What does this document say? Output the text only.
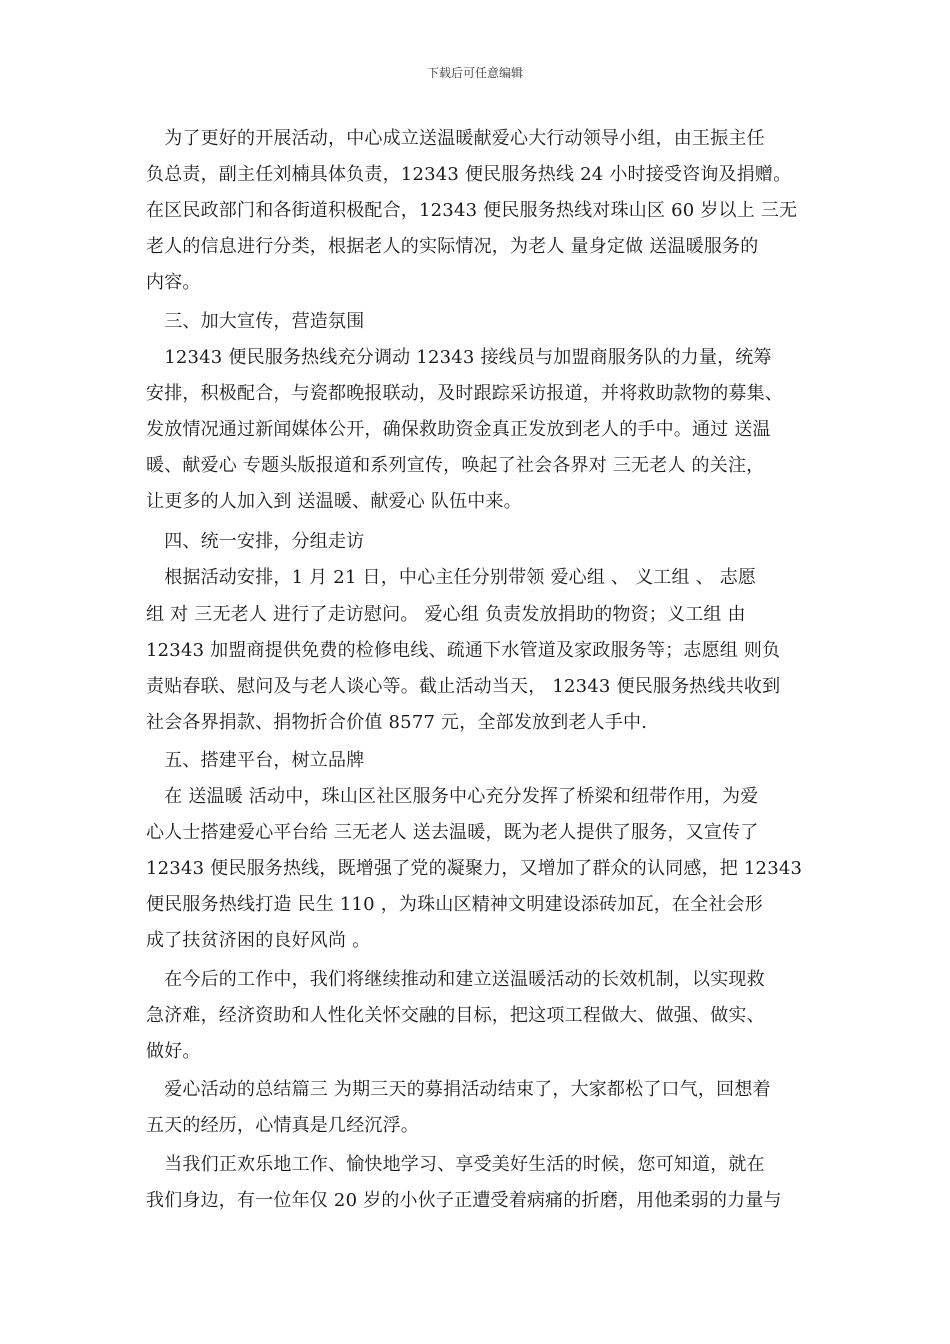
下载后可任意编辑
　为了更好的开展活动，中心成立送温暖献爱心大行动领导小组，由王振主任
负总责，副主任刘楠具体负责，12343 便民服务热线 24 小时接受咨询及捐赠。
在区民政部门和各街道积极配合，12343 便民服务热线对珠山区 60 岁以上 三无
老人的信息进行分类，根据老人的实际情况，为老人 量身定做 送温暖服务的
内容。
　三、加大宣传，营造氛围
　12343 便民服务热线充分调动 12343 接线员与加盟商服务队的力量，统筹
安排，积极配合，与瓷都晚报联动，及时跟踪采访报道，并将救助款物的募集、
发放情况通过新闻媒体公开，确保救助资金真正发放到老人的手中。通过 送温
暖、献爱心 专题头版报道和系列宣传，唤起了社会各界对 三无老人 的关注，
让更多的人加入到 送温暖、献爱心 队伍中来。
　四、统一安排，分组走访
　根据活动安排，1 月 21 日，中心主任分别带领 爱心组 、 义工组 、 志愿
组 对 三无老人 进行了走访慰问。 爱心组 负责发放捐助的物资；义工组 由
12343 加盟商提供免费的检修电线、疏通下水管道及家政服务等；志愿组 则负
责贴春联、慰问及与老人谈心等。截止活动当天， 12343 便民服务热线共收到
社会各界捐款、捐物折合价值 8577 元，全部发放到老人手中.
　五、搭建平台，树立品牌
　在 送温暖 活动中，珠山区社区服务中心充分发挥了桥梁和纽带作用，为爱
心人士搭建爱心平台给 三无老人 送去温暖，既为老人提供了服务，又宣传了
12343 便民服务热线，既增强了党的凝聚力，又增加了群众的认同感，把 12343
便民服务热线打造 民生 110 ，为珠山区精神文明建设添砖加瓦，在全社会形
成了扶贫济困的良好风尚 。
　在今后的工作中，我们将继续推动和建立送温暖活动的长效机制，以实现救
急济难，经济资助和人性化关怀交融的目标，把这项工程做大、做强、做实、
做好。
　爱心活动的总结篇三 为期三天的募捐活动结束了，大家都松了口气，回想着
五天的经历，心情真是几经沉浮。
　当我们正欢乐地工作、愉快地学习、享受美好生活的时候，您可知道，就在
我们身边，有一位年仅 20 岁的小伙子正遭受着病痛的折磨，用他柔弱的力量与
